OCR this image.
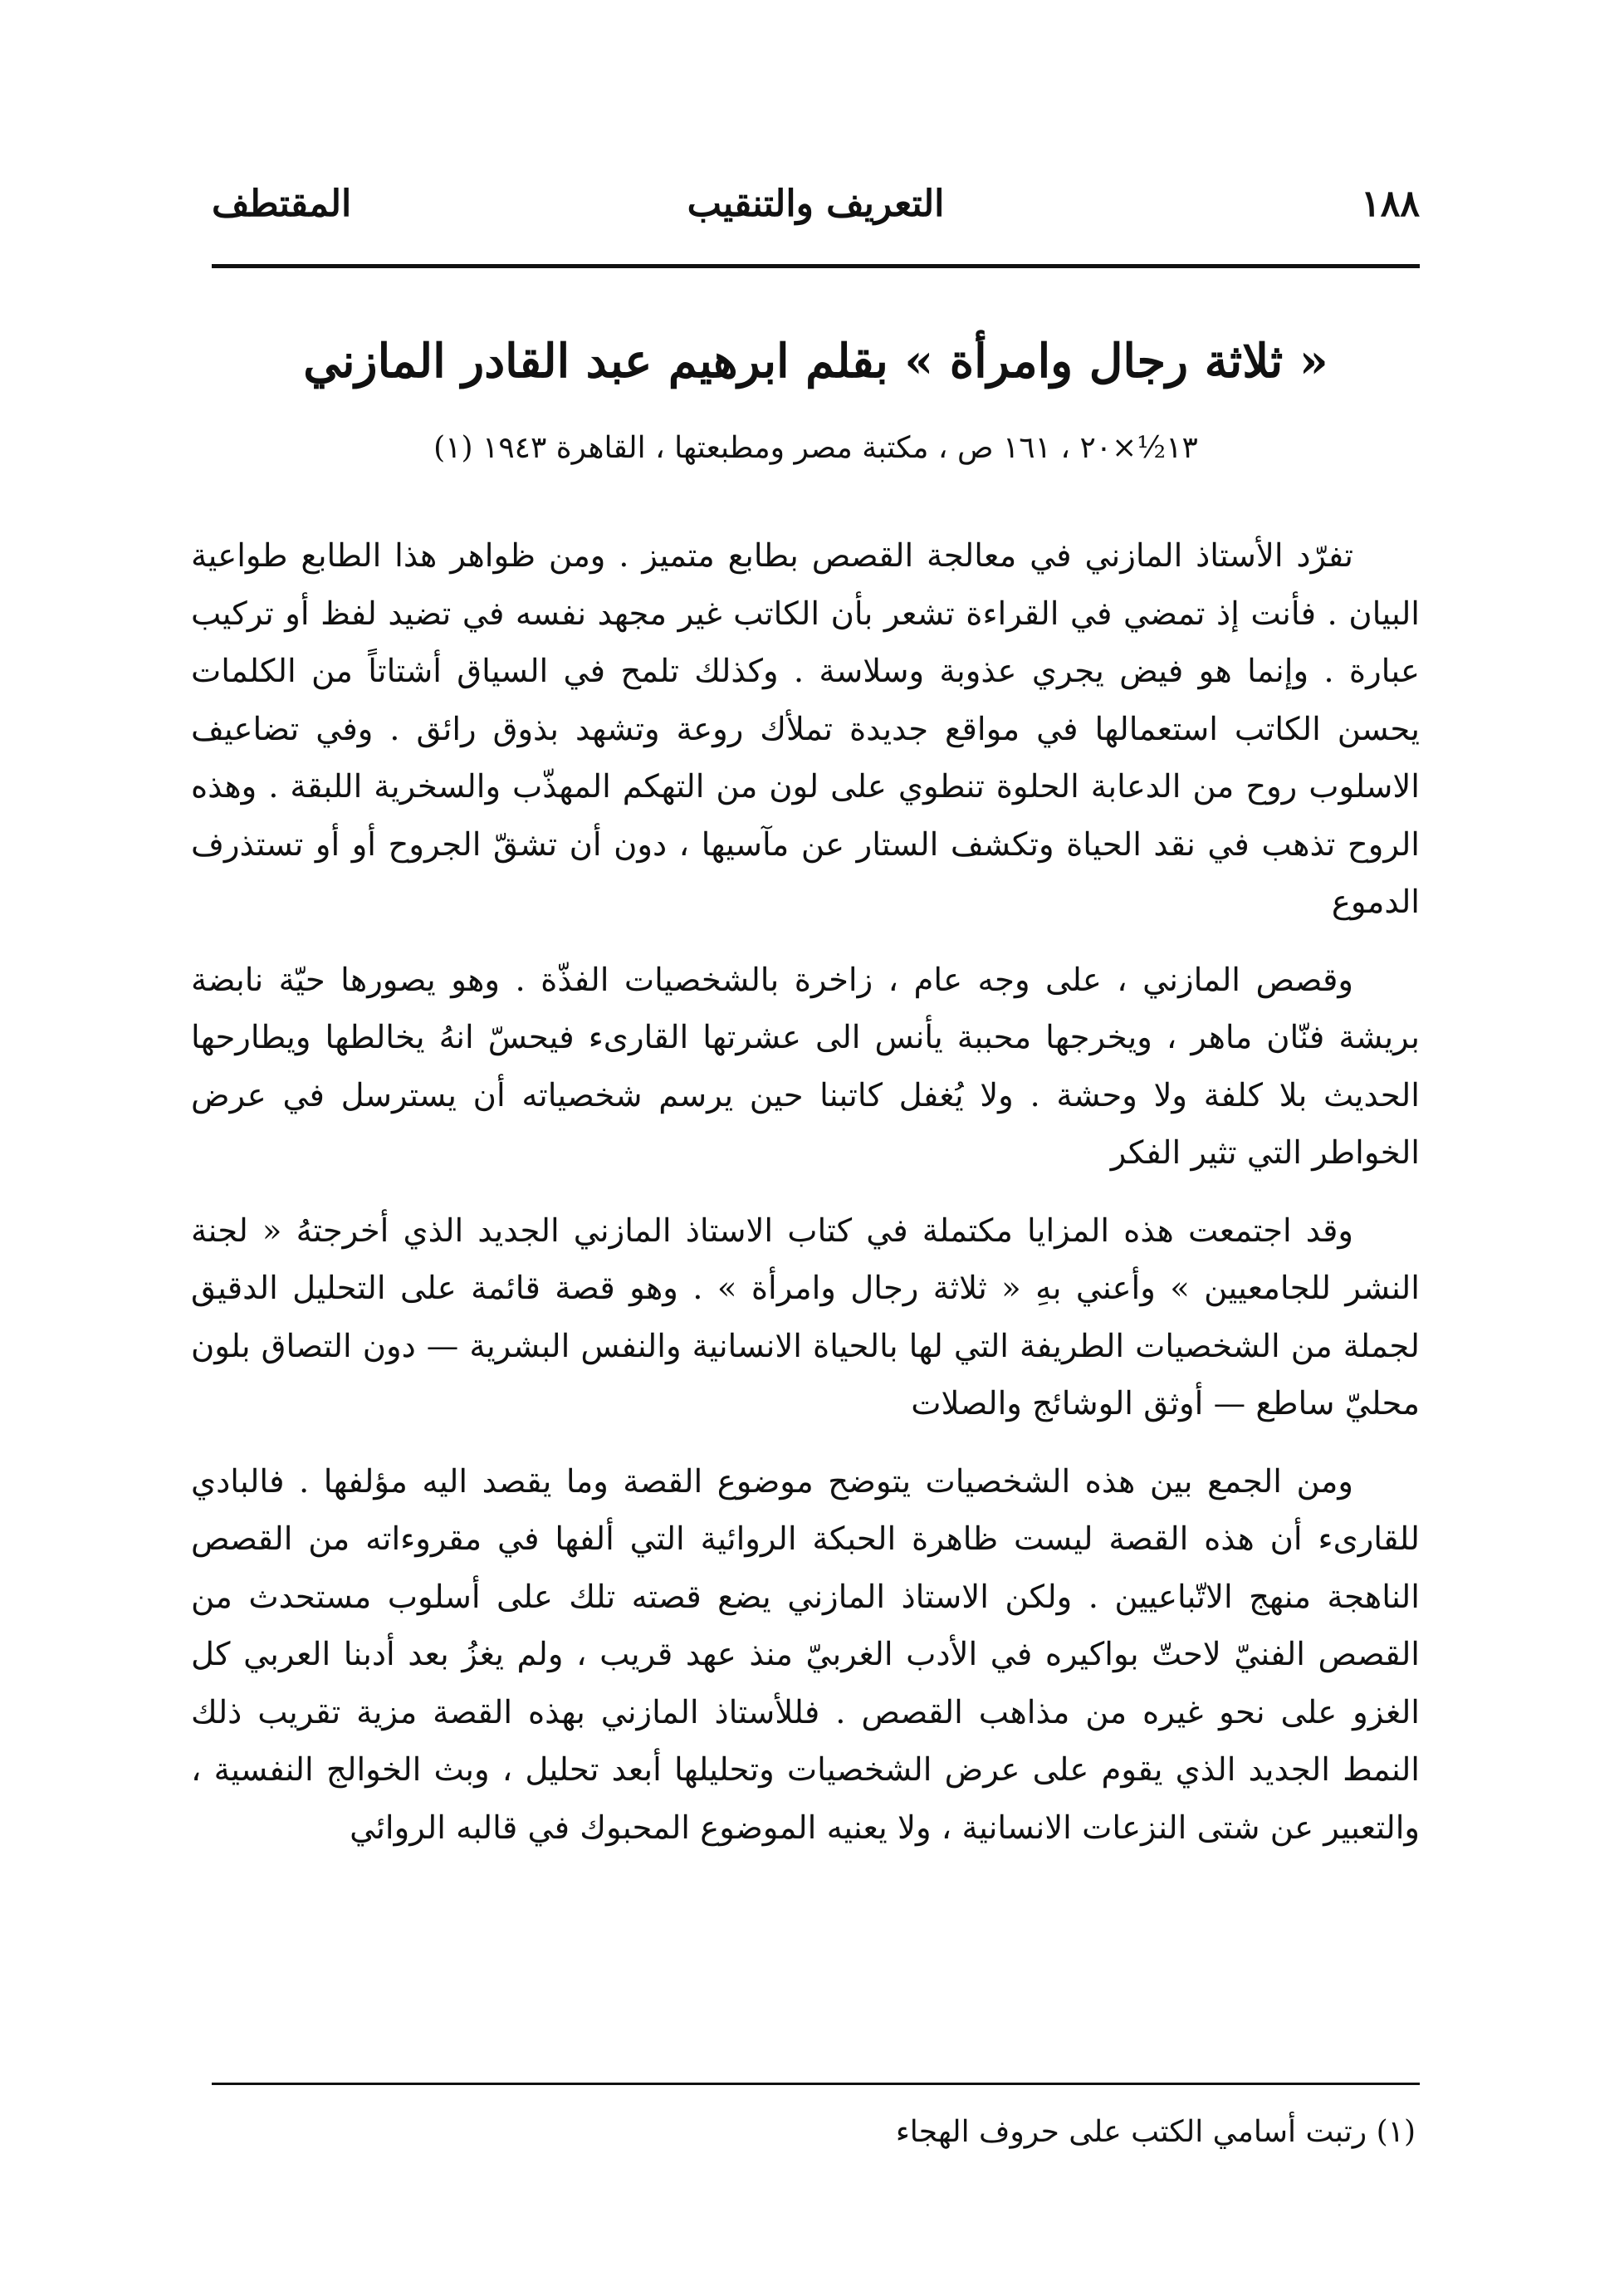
١٨٨
التعريف والتنقيب
المقتطف
« ثلاثة رجال وامرأة » بقلم ابرهيم عبد القادر المازني
١٣½×٢٠ ، ١٦١ ص ، مكتبة مصر ومطبعتها ، القاهرة ١٩٤٣ (١)

تفرّد الأستاذ المازني في معالجة القصص بطابع متميز . ومن ظواهر هذا الطابع طواعية البيان . فأنت إذ تمضي في القراءة تشعر بأن الكاتب غير مجهد نفسه في تضيد لفظ أو تركيب عبارة . وإنما هو فيض يجري عذوبة وسلاسة . وكذلك تلمح في السياق أشتاتاً من الكلمات يحسن الكاتب استعمالها في مواقع جديدة تملأك روعة وتشهد بذوق رائق . وفي تضاعيف الاسلوب روح من الدعابة الحلوة تنطوي على لون من التهكم المهذّب والسخرية اللبقة . وهذه الروح تذهب في نقد الحياة وتكشف الستار عن مآسيها ، دون أن تشقّ الجروح أو أو تستذرف الدموع

وقصص المازني ، على وجه عام ، زاخرة بالشخصيات الفذّة . وهو يصورها حيّة نابضة بريشة فنّان ماهر ، ويخرجها محببة يأنس الى عشرتها القارىء فيحسّ انهُ يخالطها ويطارحها الحديث بلا كلفة ولا وحشة . ولا يُغفل كاتبنا حين يرسم شخصياته أن يسترسل في عرض الخواطر التي تثير الفكر

وقد اجتمعت هذه المزايا مكتملة في كتاب الاستاذ المازني الجديد الذي أخرجتهُ « لجنة النشر للجامعيين » وأعني بهِ « ثلاثة رجال وامرأة » . وهو قصة قائمة على التحليل الدقيق لجملة من الشخصيات الطريفة التي لها بالحياة الانسانية والنفس البشرية — دون التصاق بلون محليّ ساطع — أوثق الوشائج والصلات

ومن الجمع بين هذه الشخصيات يتوضح موضوع القصة وما يقصد اليه مؤلفها . فالبادي للقارىء أن هذه القصة ليست ظاهرة الحبكة الروائية التي ألفها في مقروءاته من القصص الناهجة منهج الاتّباعيين . ولكن الاستاذ المازني يضع قصته تلك على أسلوب مستحدث من القصص الفنيّ لاحتّ بواكيره في الأدب الغربيّ منذ عهد قريب ، ولم يغزُ بعد أدبنا العربي كل الغزو على نحو غيره من مذاهب القصص . فللأستاذ المازني بهذه القصة مزية تقريب ذلك النمط الجديد الذي يقوم على عرض الشخصيات وتحليلها أبعد تحليل ، وبث الخوالج النفسية ، والتعبير عن شتى النزعات الانسانية ، ولا يعنيه الموضوع المحبوك في قالبه الروائي

(١) رتبت أسامي الكتب على حروف الهجاء
